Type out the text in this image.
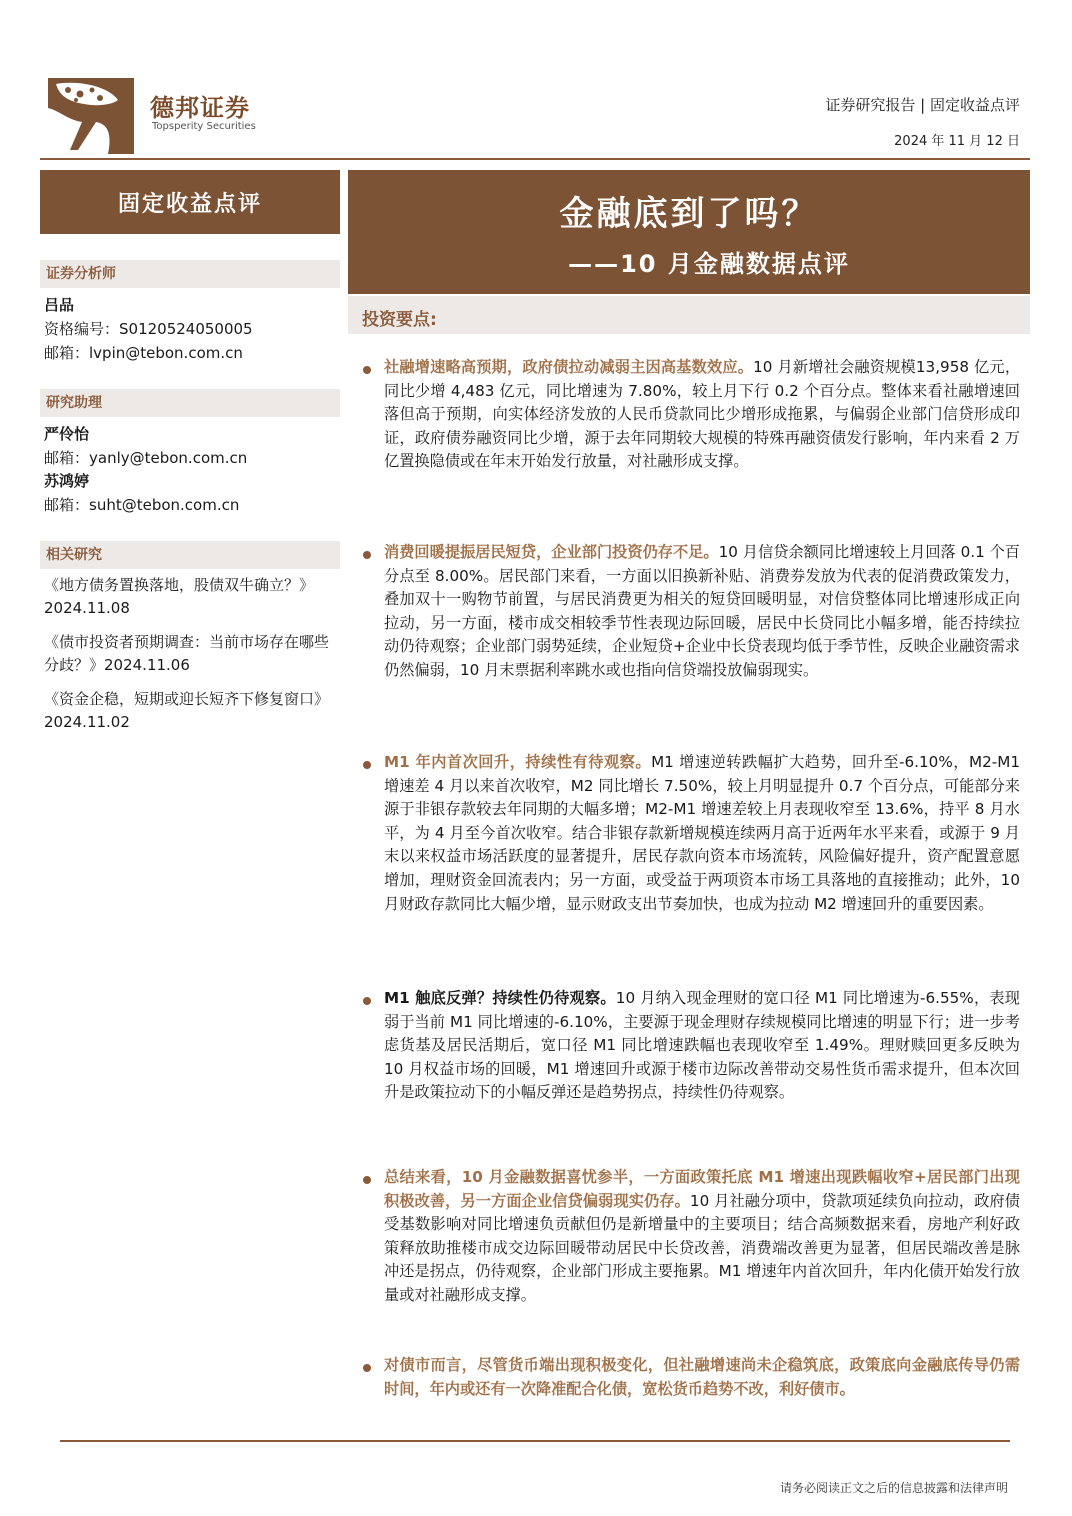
德邦证券
Topsperity Securities
证券研究报告 | 固定收益点评
2024 年 11 月 12 日
固定收益点评
证券分析师
吕品
资格编号：S0120524050005
邮箱：lvpin@tebon.com.cn
研究助理
严伶怡
邮箱：yanly@tebon.com.cn
苏鸿婷
邮箱：suht@tebon.com.cn
相关研究
《地方债务置换落地，股债双牛确立？》2024.11.08
《债市投资者预期调查：当前市场存在哪些分歧？》2024.11.06
《资金企稳，短期或迎长短齐下修复窗口》2024.11.02
金融底到了吗？
——10 月金融数据点评
投资要点:
社融增速略高预期，政府债拉动减弱主因高基数效应。10 月新增社会融资规模13,958 亿元，同比少增 4,483 亿元，同比增速为 7.80%，较上月下行 0.2 个百分点。整体来看社融增速回落但高于预期，向实体经济发放的人民币贷款同比少增形成拖累，与偏弱企业部门信贷形成印证，政府债券融资同比少增，源于去年同期较大规模的特殊再融资债发行影响，年内来看 2 万亿置换隐债或在年末开始发行放量，对社融形成支撑。
消费回暖提振居民短贷，企业部门投资仍存不足。10 月信贷余额同比增速较上月回落 0.1 个百分点至 8.00%。居民部门来看，一方面以旧换新补贴、消费券发放为代表的促消费政策发力，叠加双十一购物节前置，与居民消费更为相关的短贷回暖明显，对信贷整体同比增速形成正向拉动，另一方面，楼市成交相较季节性表现边际回暖，居民中长贷同比小幅多增，能否持续拉动仍待观察；企业部门弱势延续，企业短贷+企业中长贷表现均低于季节性，反映企业融资需求仍然偏弱，10 月末票据利率跳水或也指向信贷端投放偏弱现实。
M1 年内首次回升，持续性有待观察。M1 增速逆转跌幅扩大趋势，回升至-6.10%，M2-M1 增速差 4 月以来首次收窄，M2 同比增长 7.50%，较上月明显提升 0.7 个百分点，可能部分来源于非银存款较去年同期的大幅多增；M2-M1 增速差较上月表现收窄至 13.6%，持平 8 月水平，为 4 月至今首次收窄。结合非银存款新增规模连续两月高于近两年水平来看，或源于 9 月末以来权益市场活跃度的显著提升，居民存款向资本市场流转，风险偏好提升，资产配置意愿增加，理财资金回流表内；另一方面，或受益于两项资本市场工具落地的直接推动；此外，10 月财政存款同比大幅少增，显示财政支出节奏加快，也成为拉动 M2 增速回升的重要因素。
M1 触底反弹？持续性仍待观察。10 月纳入现金理财的宽口径 M1 同比增速为-6.55%，表现弱于当前 M1 同比增速的-6.10%，主要源于现金理财存续规模同比增速的明显下行；进一步考虑货基及居民活期后，宽口径 M1 同比增速跌幅也表现收窄至 1.49%。理财赎回更多反映为 10 月权益市场的回暖，M1 增速回升或源于楼市边际改善带动交易性货币需求提升，但本次回升是政策拉动下的小幅反弹还是趋势拐点，持续性仍待观察。
总结来看，10 月金融数据喜忧参半，一方面政策托底 M1 增速出现跌幅收窄+居民部门出现积极改善，另一方面企业信贷偏弱现实仍存。10 月社融分项中，贷款项延续负向拉动，政府债受基数影响对同比增速负贡献但仍是新增量中的主要项目；结合高频数据来看，房地产利好政策释放助推楼市成交边际回暖带动居民中长贷改善，消费端改善更为显著，但居民端改善是脉冲还是拐点，仍待观察，企业部门形成主要拖累。M1 增速年内首次回升，年内化债开始发行放量或对社融形成支撑。
对债市而言，尽管货币端出现积极变化，但社融增速尚未企稳筑底，政策底向金融底传导仍需时间，年内或还有一次降准配合化债，宽松货币趋势不改，利好债市。
请务必阅读正文之后的信息披露和法律声明
